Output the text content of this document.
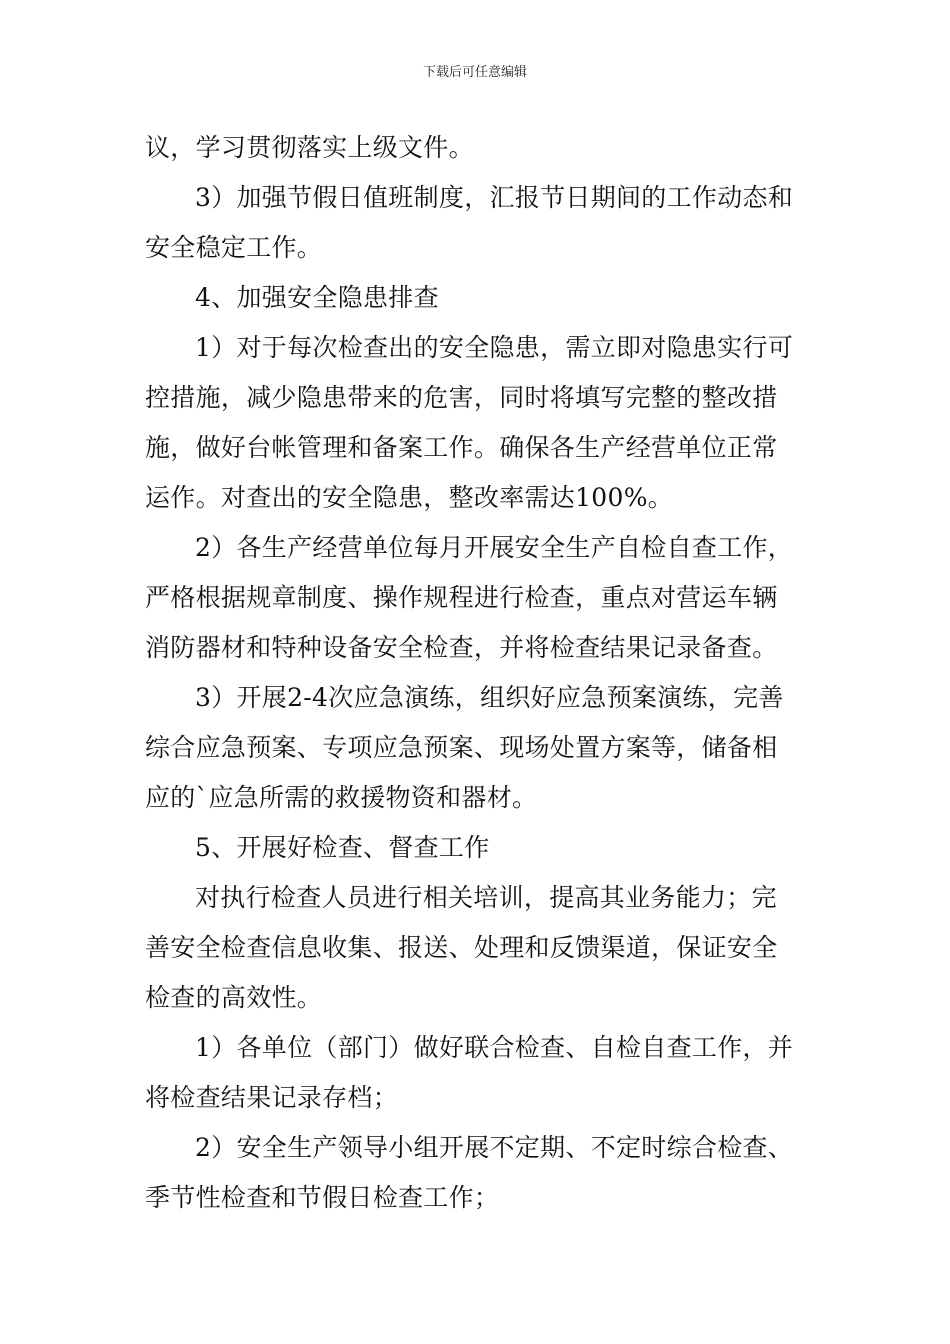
下载后可任意编辑
议，学习贯彻落实上级文件。
3）加强节假日值班制度，汇报节日期间的工作动态和
安全稳定工作。
4、加强安全隐患排查
1）对于每次检查出的安全隐患，需立即对隐患实行可
控措施，减少隐患带来的危害，同时将填写完整的整改措
施，做好台帐管理和备案工作。确保各生产经营单位正常
运作。对查出的安全隐患，整改率需达100%。
2）各生产经营单位每月开展安全生产自检自查工作，
严格根据规章制度、操作规程进行检查，重点对营运车辆
消防器材和特种设备安全检查，并将检查结果记录备查。
3）开展2-4次应急演练，组织好应急预案演练，完善
综合应急预案、专项应急预案、现场处置方案等，储备相
应的`应急所需的救援物资和器材。
5、开展好检查、督查工作
对执行检查人员进行相关培训，提高其业务能力；完
善安全检查信息收集、报送、处理和反馈渠道，保证安全
检查的高效性。
1）各单位（部门）做好联合检查、自检自查工作，并
将检查结果记录存档；
2）安全生产领导小组开展不定期、不定时综合检查、
季节性检查和节假日检查工作；
